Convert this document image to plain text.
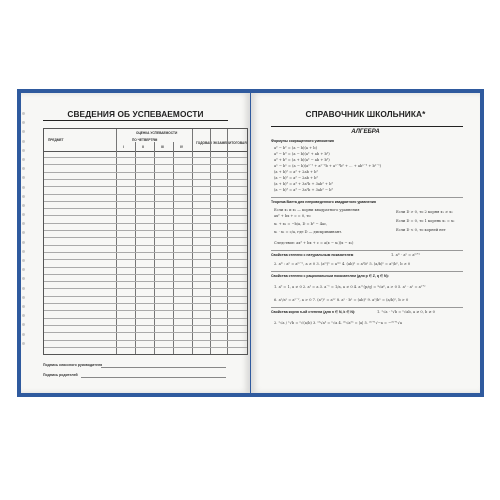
СВЕДЕНИЯ ОБ УСПЕВАЕМОСТИ
ПРЕДМЕТ
ОЦЕНКА УСПЕВАЕМОСТИ
ПО ЧЕТВЕРТЯМ
I	II	III	IV
ГОДОВАЯ ЭКЗАМЕН ИТОГОВАЯ
Подпись классного руководителя
Подпись родителей
СПРАВОЧНИК ШКОЛЬНИКА*
АЛГЕБРА
Формулы сокращенного умножения
a² − b² = (a − b)(a + b)
a³ − b³ = (a − b)(a² + ab + b²)
a³ + b³ = (a + b)(a² − ab + b²)
aⁿ − bⁿ = (a − b)(aⁿ⁻¹ + aⁿ⁻²b + aⁿ⁻³b² + ... + abⁿ⁻² + bⁿ⁻¹)
(a + b)² = a² + 2ab + b²
(a − b)² = a² − 2ab + b²
(a + b)³ = a³ + 3a²b + 3ab² + b³
(a − b)³ = a³ − 3a²b + 3ab² − b³
Теорема Виета для неприведенного квадратного уравнения
Если x₁ и x₂ — корни квадратного уравнения
ax² + bx + c = 0, то
x₁ + x₂ = −b/a, D = b² − 4ac,
x₁ · x₂ = c/a, где D — дискриминант.
Если D > 0, то 2 корня x₁ ≠ x₂
Если D = 0, то 1 корень x₁ = x₂
Если D < 0, то корней нет
Следствие: ax² + bx + c = a(x − x₁)(x − x₂)
Свойства степени с натуральным показателем	1. aᵐ · aⁿ = aᵐ⁺ⁿ
2. aᵐ : aⁿ = aᵐ⁻ⁿ, a ≠ 0 3. (aᵐ)ⁿ = aᵐⁿ 4. (ab)ⁿ = aⁿbⁿ 5. (a/b)ⁿ = aⁿ/bⁿ, b ≠ 0
Свойства степени с рациональным показателем (для p ∈ Z, q ∈ N):
1. a⁰ = 1, a ≠ 0 2. a¹ = a 3. a⁻¹ = 1/a, a ≠ 0 4. a^(p/q) = ᵠ√aᵖ, a > 0 5. aˣ · aʸ = aˣ⁺ʸ
6. aˣ/aʸ = aˣ⁻ʸ, a > 0 7. (aˣ)ʸ = aˣʸ 8. aˣ · bˣ = (ab)ˣ 9. aˣ/bˣ = (a/b)ˣ, b > 0
Свойства корня n-ой степени (для n ∈ N, k ∈ N):	1. ⁿ√a · ⁿ√b = ⁿ√ab, a ≥ 0, b ≥ 0
2. ⁿ√a / ⁿ√b = ⁿ√(a/b) 3. ⁿᵏ√aᵏ = ⁿ√a 4. ²ⁿ√a²ⁿ = |a| 5. ²ⁿ⁺¹√−a = −²ⁿ⁺¹√a
